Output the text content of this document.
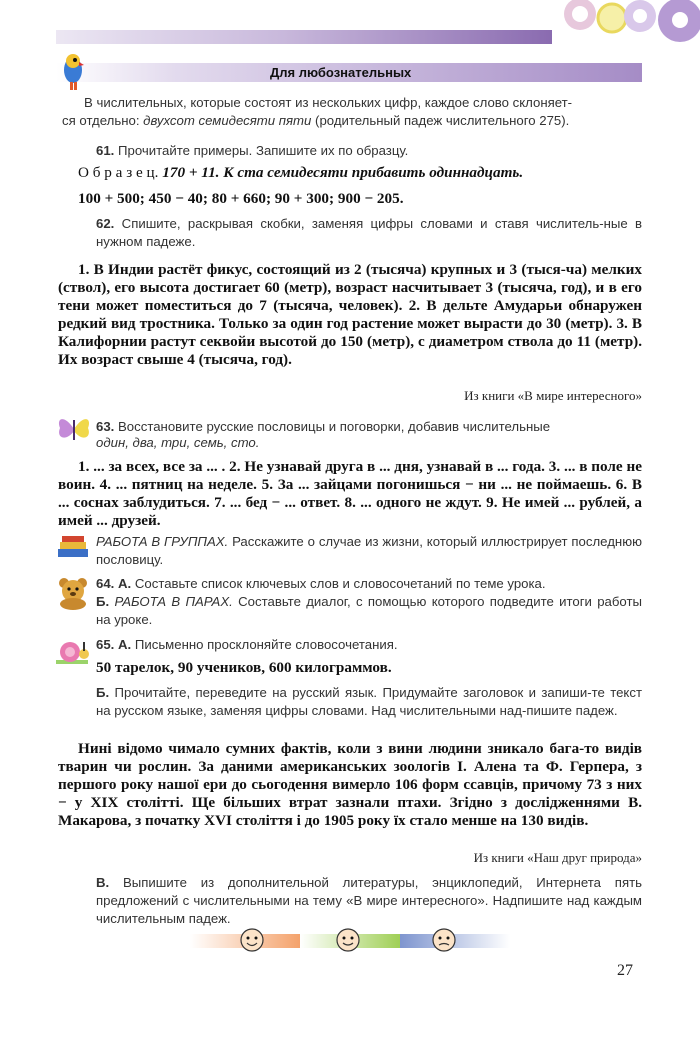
Для любознательных
В числительных, которые состоят из нескольких цифр, каждое слово склоняет-
ся отдельно: двухсот семидесяти пяти (родительный падеж числительного 275).
61. Прочитайте примеры. Запишите их по образцу.
О б р а з е ц. 170 + 11. К ста семидесяти прибавить одиннадцать.
100 + 500; 450 − 40; 80 + 660; 90 + 300; 900 − 205.
62. Спишите, раскрывая скобки, заменяя цифры словами и ставя числитель-ные в нужном падеже.
1. В Индии растёт фикус, состоящий из 2 (тысяча) крупных и 3 (тыся-ча) мелких (ствол), его высота достигает 60 (метр), возраст насчитывает 3 (тысяча, год), и в его тени может поместиться до 7 (тысяча, человек). 2. В дельте Амударьи обнаружен редкий вид тростника. Только за один год растение может вырасти до 30 (метр). 3. В Калифорнии растут секвойи высотой до 150 (метр), с диаметром ствола до 11 (метр). Их возраст свыше 4 (тысяча, год).
Из книги «В мире интересного»
63. Восстановите русские пословицы и поговорки, добавив числительные
один, два, три, семь, сто.
1. ... за всех, все за ... . 2. Не узнавай друга в ... дня, узнавай в ... года. 3. ... в поле не воин. 4. ... пятниц на неделе. 5. За ... зайцами погонишься − ни ... не поймаешь. 6. В ... соснах заблудиться. 7. ... бед − ... ответ. 8. ... одного не ждут. 9. Не имей ... рублей, а имей ... друзей.
РАБОТА В ГРУППАХ. Расскажите о случае из жизни, который иллюстрирует последнюю пословицу.
64. А. Составьте список ключевых слов и словосочетаний по теме урока.
Б. РАБОТА В ПАРАХ. Составьте диалог, с помощью которого подведите итоги работы на уроке.
65. А. Письменно просклоняйте словосочетания.
50 тарелок, 90 учеников, 600 килограммов.
Б. Прочитайте, переведите на русский язык. Придумайте заголовок и запиши-те текст на русском языке, заменяя цифры словами. Над числительными над-пишите падеж.
Нині відомо чимало сумних фактів, коли з вини людини зникало бага-то видів тварин чи рослин. За даними американських зоологів І. Алена та Ф. Герпера, з першого року нашої ери до сьогодення вимерло 106 форм ссавців, причому 73 з них − у XIX столітті. Ще більших втрат зазнали птахи. Згідно з дослідженнями В. Макарова, з початку XVI століття і до 1905 року їх стало менше на 130 видів.
Из книги «Наш друг природа»
В. Выпишите из дополнительной литературы, энциклопедий, Интернета пять предложений с числительными на тему «В мире интересного». Надпишите над каждым числительным падеж.
27
